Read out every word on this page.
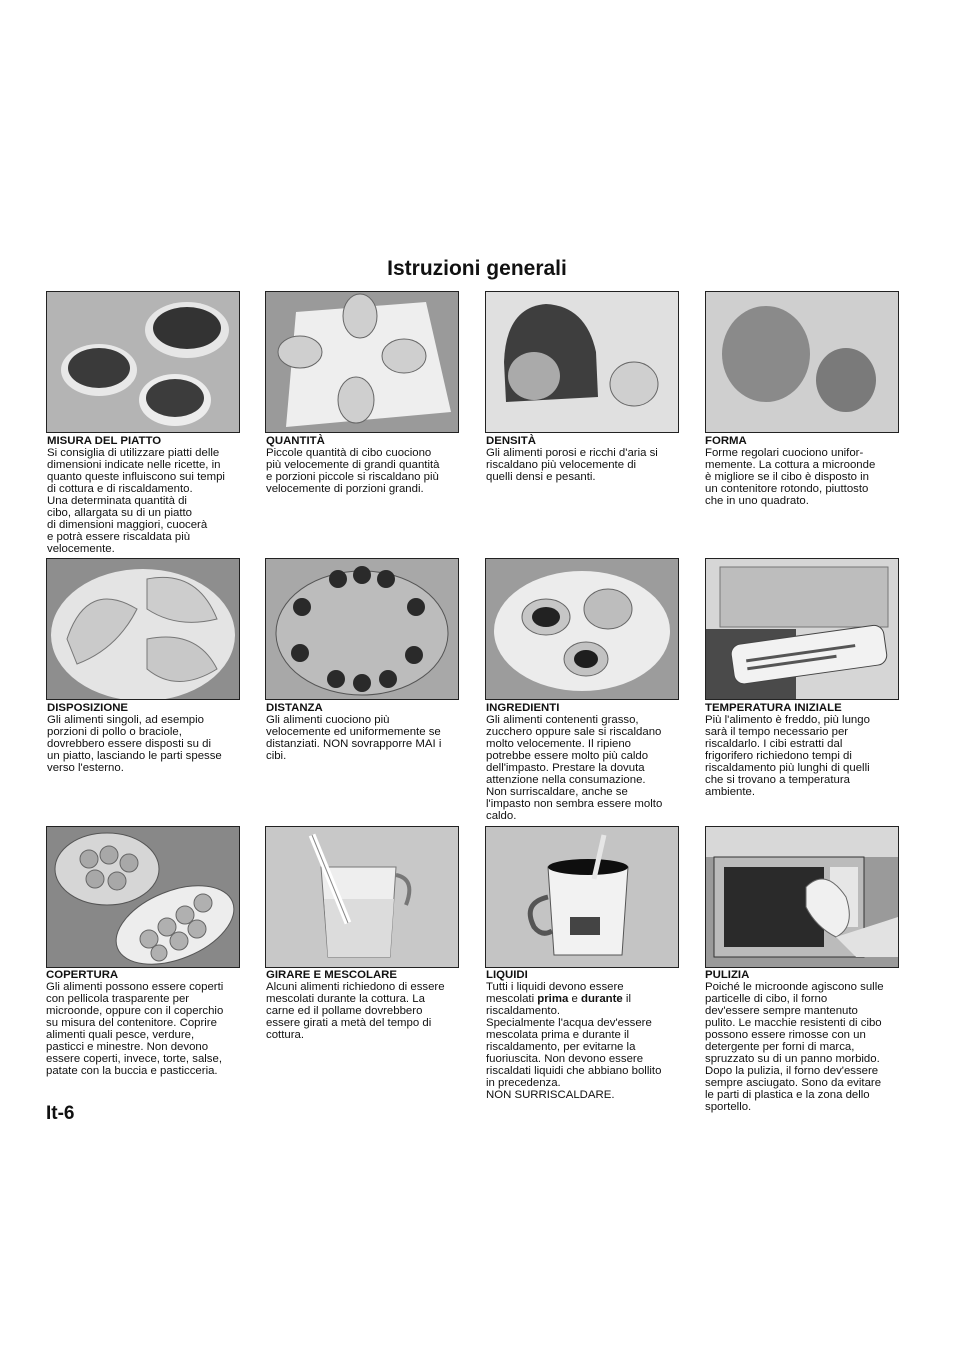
Istruzioni generali
MISURA DEL PIATTO
Si consiglia di utilizzare piatti delle
dimensioni indicate nelle ricette, in
quanto queste influiscono sui tempi
di cottura e di riscaldamento.
Una determinata quantità di
cibo, allargata su di un piatto
di dimensioni maggiori, cuocerà
e potrà essere riscaldata più
velocemente.
QUANTITÀ
Piccole quantità di cibo cuociono
più velocemente di grandi quantità
e porzioni piccole si riscaldano più
velocemente di porzioni grandi.
DENSITÀ
Gli alimenti porosi e ricchi d'aria si
riscaldano più velocemente di
quelli densi e pesanti.
FORMA
Forme regolari cuociono unifor-
memente. La cottura a microonde
è migliore se il cibo è disposto in
un contenitore rotondo, piuttosto
che in uno quadrato.
DISPOSIZIONE
Gli alimenti singoli, ad esempio
porzioni di pollo o braciole,
dovrebbero essere disposti su di
un piatto, lasciando le parti spesse
verso l'esterno.
DISTANZA
Gli alimenti cuociono più
velocemente ed uniformemente se
distanziati. NON sovrapporre MAI i
cibi.
INGREDIENTI
Gli alimenti contenenti grasso,
zucchero oppure sale si riscaldano
molto velocemente. Il ripieno
potrebbe essere molto più caldo
dell'impasto. Prestare la dovuta
attenzione nella consumazione.
Non surriscaldare, anche se
l'impasto non sembra essere molto
caldo.
TEMPERATURA INIZIALE
Più l'alimento è freddo, più lungo
sarà il tempo necessario per
riscaldarlo. I cibi estratti dal
frigorifero richiedono tempi di
riscaldamento più lunghi di quelli
che si trovano a temperatura
ambiente.
COPERTURA
Gli alimenti possono essere coperti
con pellicola trasparente per
microonde, oppure con il coperchio
su misura del contenitore. Coprire
alimenti quali pesce, verdure,
pasticci e minestre. Non devono
essere coperti, invece, torte, salse,
patate con la buccia e pasticceria.
GIRARE E MESCOLARE
Alcuni alimenti richiedono di essere
mescolati durante la cottura. La
carne ed il pollame dovrebbero
essere girati a metà del tempo di
cottura.
LIQUIDI
Tutti i liquidi devono essere
mescolati prima e durante il
riscaldamento.
Specialmente l'acqua dev'essere
mescolata prima e durante il
riscaldamento, per evitarne la
fuoriuscita. Non devono essere
riscaldati liquidi che abbiano bollito
in precedenza.
NON SURRISCALDARE.
PULIZIA
Poiché le microonde agiscono sulle
particelle di cibo, il forno
dev'essere sempre mantenuto
pulito. Le macchie resistenti di cibo
possono essere rimosse con un
detergente per forni di marca,
spruzzato su di un panno morbido.
Dopo la pulizia, il forno dev'essere
sempre asciugato. Sono da evitare
le parti di plastica e la zona dello
sportello.
It-6
